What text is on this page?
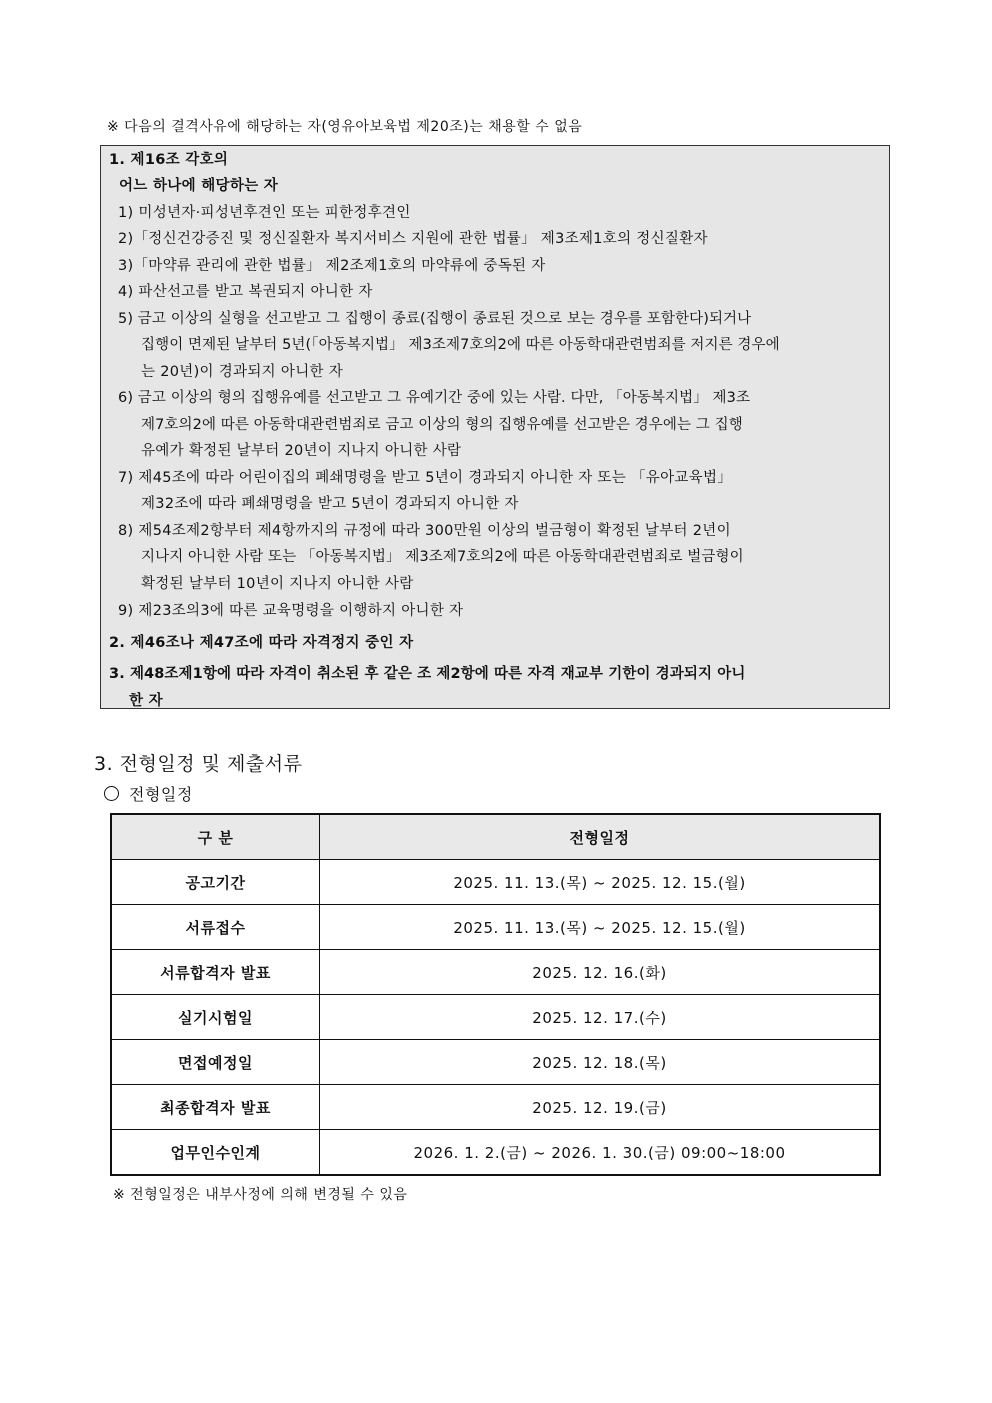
※ 다음의 결격사유에 해당하는 자(영유아보육법 제20조)는 채용할 수 없음
1. 제16조 각호의
어느 하나에 해당하는 자
1) 미성년자·피성년후견인 또는 피한정후견인
2)「정신건강증진 및 정신질환자 복지서비스 지원에 관한 법률」 제3조제1호의 정신질환자
3)「마약류 관리에 관한 법률」 제2조제1호의 마약류에 중독된 자
4) 파산선고를 받고 복권되지 아니한 자
5) 금고 이상의 실형을 선고받고 그 집행이 종료(집행이 종료된 것으로 보는 경우를 포함한다)되거나
집행이 면제된 날부터 5년(「아동복지법」 제3조제7호의2에 따른 아동학대관련범죄를 저지른 경우에
는 20년)이 경과되지 아니한 자
6) 금고 이상의 형의 집행유예를 선고받고 그 유예기간 중에 있는 사람. 다만, 「아동복지법」 제3조
제7호의2에 따른 아동학대관련범죄로 금고 이상의 형의 집행유예를 선고받은 경우에는 그 집행
유예가 확정된 날부터 20년이 지나지 아니한 사람
7) 제45조에 따라 어린이집의 폐쇄명령을 받고 5년이 경과되지 아니한 자 또는 「유아교육법」
제32조에 따라 폐쇄명령을 받고 5년이 경과되지 아니한 자
8) 제54조제2항부터 제4항까지의 규정에 따라 300만원 이상의 벌금형이 확정된 날부터 2년이
지나지 아니한 사람 또는 「아동복지법」 제3조제7호의2에 따른 아동학대관련범죄로 벌금형이
확정된 날부터 10년이 지나지 아니한 사람
9) 제23조의3에 따른 교육명령을 이행하지 아니한 자
2. 제46조나 제47조에 따라 자격정지 중인 자
3. 제48조제1항에 따라 자격이 취소된 후 같은 조 제2항에 따른 자격 재교부 기한이 경과되지 아니
한 자
3. 전형일정 및 제출서류
전형일정
구 분	전형일정
공고기간	2025. 11. 13.(목) ~ 2025. 12. 15.(월)
서류접수	2025. 11. 13.(목) ~ 2025. 12. 15.(월)
서류합격자 발표	2025. 12. 16.(화)
실기시험일	2025. 12. 17.(수)
면접예정일	2025. 12. 18.(목)
최종합격자 발표	2025. 12. 19.(금)
업무인수인계	2026. 1. 2.(금) ~ 2026. 1. 30.(금) 09:00~18:00
※ 전형일정은 내부사정에 의해 변경될 수 있음
